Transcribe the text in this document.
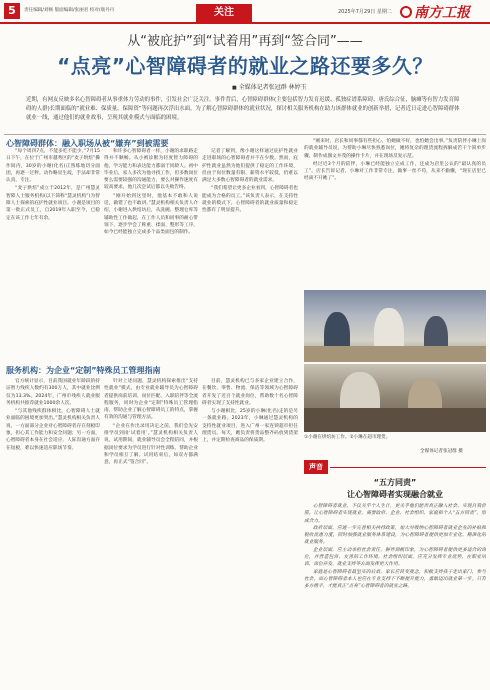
5	责任编辑/刘畅 版面编辑/张丽君 校对/康丹丹	关注	2025年7月29日 星期二	南方工报
从“被庇护”到“试着用”再到“签合同”——
“点亮”心智障碍者的就业之路还要多久？
■ 全媒体记者张冠群 林婷玉
近期，有网友反映多名心智障碍者从事重体力劳动的事件，引发社会广泛关注。事件背后，心智障碍群体(主要包括智力发育迟缓、孤独症谱系障碍、唐氏综合征、脑瘫等有智力发育障碍的人群)长期面临的“就业难、保质量、保障资”等问题再次浮出水面。为了解心智障碍群体的就业状况，探讨相关服务机构在助力该群体就业的创新举措，记者近日走进心智障碍群体就业一线，通过他们的就业故事，呈现其就业模式与面临的困境。
心智障碍群体：融入职场从被“嫌弃”到被需要

“每个周四7点，不能多吃不能少。”7月15日下午，在位于广州市越秀区的“麦子烘焙”操作间内，30岁的小谢(化名)正熟练地切分面团，再逐一过秤。动作略显生疏，手法却非常认真、专注。

“麦子烘焙”成立于2012年，是广州慧灵智障人士服务机构(以下简称“慧灵机构”)为智障人士探索的庇护性就业项目。小谢是项目的第一批正式员工，自2019年入职至今，已稳定在该工作七年有余。

和许多心智障碍者一样，小谢的求职路走得并不顺畅。从小被诊断为轻度智力障碍的他，学习能力和表达能力都弱于同龄人。初中毕业后，家人多次为他寻找工作，但多数岗位要么需要较强的沟通能力，要么对操作速度有较高要求，他几次尝试后都以失败告终。

“刚开始到这里时，他基本不敢和人说话，做错了也不敢讲。”慧灵机构相关负责人介绍，小谢进入烘焙坊后，从洗碗、整理仓库等辅助性工作做起，在工作人员和同事的耐心带领下，逐步学会了称重、揉面、整形等工序，如今已经能独立完成多个品类面包的制作。

记者了解到，像小谢这样通过庇护性就业走进职场的心智障碍者并不在少数。然而，庇护性就业虽然为他们提供了稳定的工作环境，但由于岗位数量有限、薪资水平较低，仍难以满足大多数心智障碍者的就业需求。

“我们希望让更多企业看到，心智障碍者也能成为合格的员工。”该负责人表示，在支持性就业的模式下，心智障碍者的就业质量和稳定性都有了明显提升。

服务机构：为企业“定制”特殊员工管理指南

官方统计显示，目前我国就业年龄段的持证智力残疾人数约有300万人，其中就业比例仅为13.3%。2024年，广州市残疾人就业服务机构共推荐就业1000余人次。

“与其他残疾群体相比，心智障碍人士就业面临的困境更加突出。”慧灵机构相关负责人说，一方面部分企业对心智障碍者存在刻板印象，担心其工作能力和安全问题；另一方面，心智障碍者本身在社会适应、人际沟通方面存在短板，难以快速适应职场节奏。

针对上述问题，慧灵机构探索推出“支持性就业”模式，由专业就业辅导员为心智障碍者提供岗前培训、岗位匹配、入职陪伴等全流程服务，同时为企业“定制”特殊员工管理指南，帮助企业了解心智障碍员工的特点，掌握有效的沟通与管理方法。

“企业在作出录用决定之前，我们会先安排学员到岗‘试着用’。”慧灵机构相关负责人说，试用期间，就业辅导员会全程陪同，并根据岗位要求为学员进行针对性训练，帮助企业和学员相互了解。试用结束后，如双方都满意，再正式“签合同”。

目前，慧灵机构已与多家企业建立合作，在餐饮、零售、物流、保洁等领域为心智障碍者开发了近百个就业岗位，帮助数十名心智障碍者实现了支持性就业。

与小谢相比，25岁的小琳(化名)走的是另一条就业路。2023年，小琳通过慧灵机构的支持性就业项目，进入广州一家连锁超市担任理货员。每天，她负责将货品整齐码放到货架上，并定期检查商品的保质期。

“刚来时，店长和同事都有些担心，怕她做不好，也怕她会出事。”负责陪伴小琳上岗的就业辅导员说，为帮助小琳尽快熟悉岗位，她将复杂的理货流程拆解成若干个简单步骤，制作成图文并茂的操作卡片，并在现场反复示范。

经过近3个月的陪伴，小琳已经能独立完成工作，还成为店里公认的“最认真的员工”。店长告诉记者，小琳对工作非常专注，做事一丝不苟，从来不偷懒，“现在店里已经离不开她了”。

①小谢在烘焙坊工作。②小琳在超市理货。
全媒体记者张冠群 摄
声音
“五方同责”
让心智障碍者实现融合就业

心智障碍者就业，不仅关乎个人生计，更关乎他们能否真正融入社会、实现自我价值。让心智障碍者实现就业，需要政府、企业、社会组织、家庭和个人“五方同责”，形成合力。

政府层面，应进一步完善相关扶持政策，加大对吸纳心智障碍者就业企业的补贴和税收优惠力度，同时加强就业服务体系建设，为心智障碍者提供更加专业化、精准化的就业服务。

企业层面，应主动承担社会责任，摒弃刻板印象，为心智障碍者提供更多适合的岗位，并营造包容、友善的工作环境。社会组织层面，应充分发挥专业优势，在职业培训、岗位开发、就业支持等方面发挥更大作用。

家庭是心智障碍者最坚实的后盾。家长应转变观念，积极支持孩子走出家门、参与社会，而心智障碍者本人也应在专业支持下不断提升能力，勇敢迈出就业第一步。只有多方携手，才能真正“点亮”心智障碍者的就业之路。
